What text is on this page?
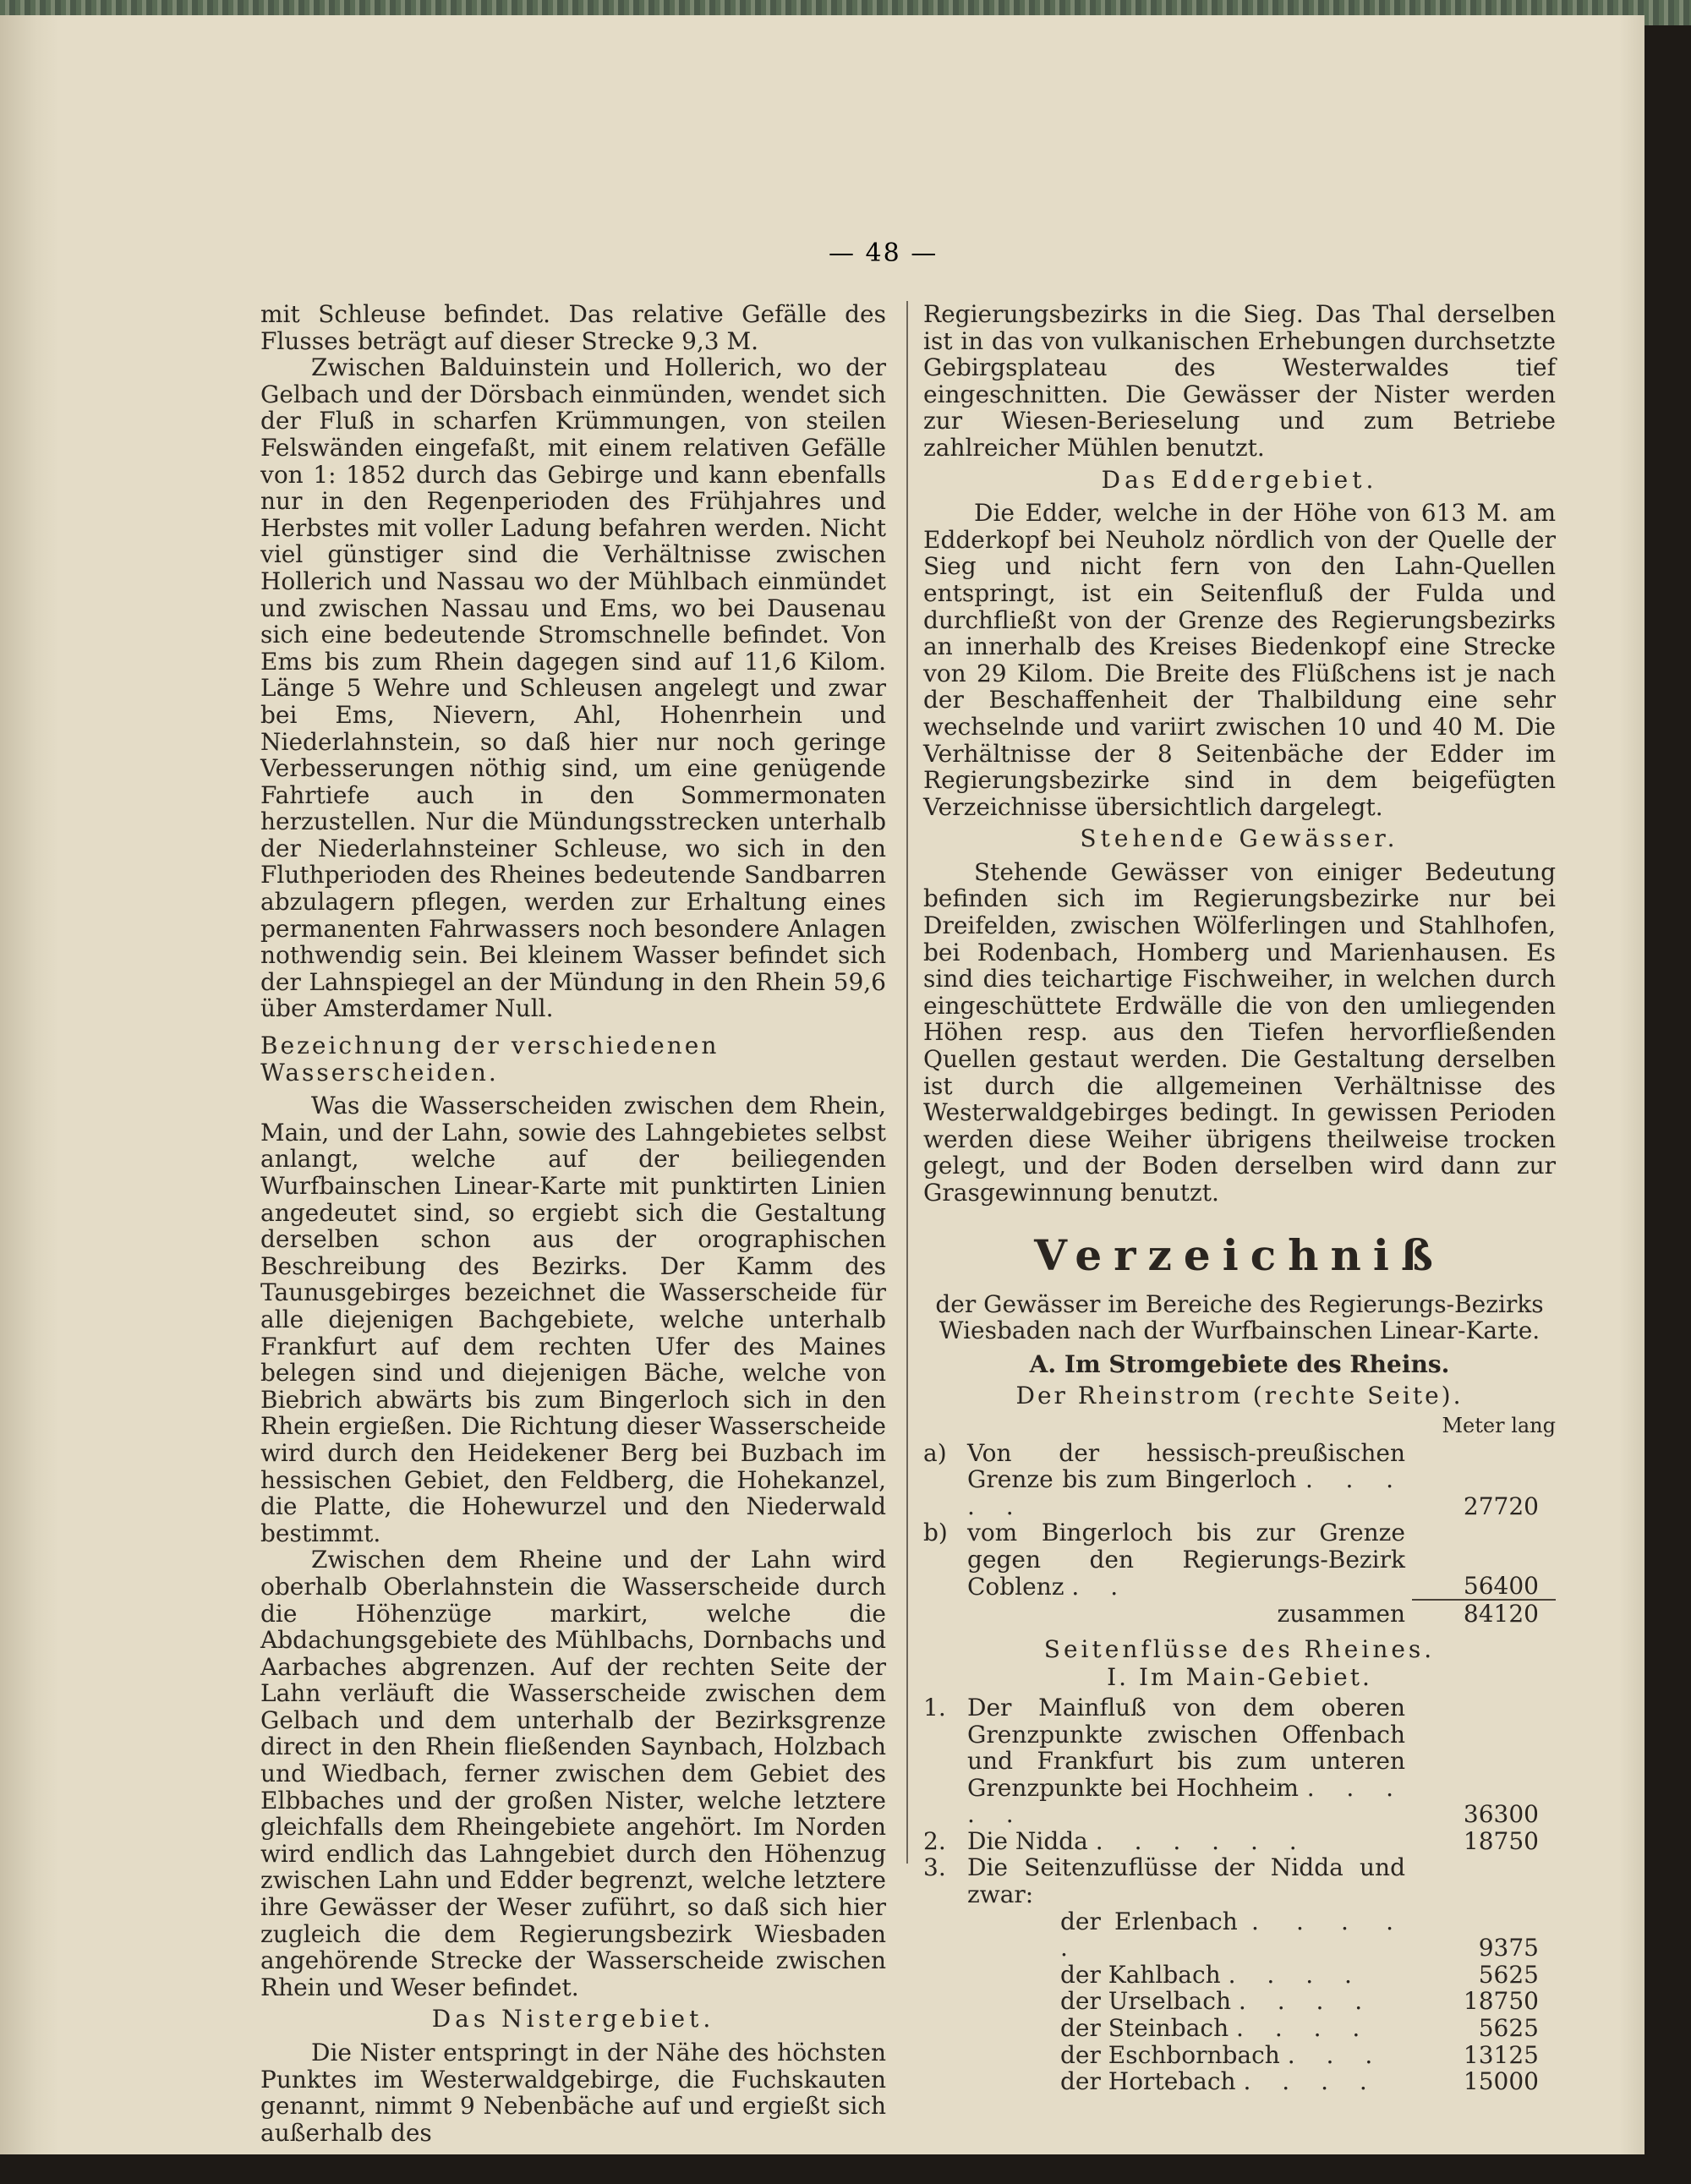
— 48 —

mit Schleuse befindet. Das relative Gefälle des Flusses beträgt auf dieser Strecke 9,3 M.

Zwischen Balduinstein und Hollerich, wo der Gelbach und der Dörsbach einmünden, wendet sich der Fluß in scharfen Krümmungen, von steilen Felswänden eingefaßt, mit einem relativen Gefälle von 1: 1852 durch das Gebirge und kann ebenfalls nur in den Regenperioden des Frühjahres und Herbstes mit voller Ladung befahren werden. Nicht viel günstiger sind die Verhältnisse zwischen Hollerich und Nassau wo der Mühlbach einmündet und zwischen Nassau und Ems, wo bei Dausenau sich eine bedeutende Stromschnelle befindet. Von Ems bis zum Rhein dagegen sind auf 11,6 Kilom. Länge 5 Wehre und Schleusen angelegt und zwar bei Ems, Nievern, Ahl, Hohenrhein und Niederlahnstein, so daß hier nur noch geringe Verbesserungen nöthig sind, um eine genügende Fahrtiefe auch in den Sommermonaten herzustellen. Nur die Mündungsstrecken unterhalb der Niederlahnsteiner Schleuse, wo sich in den Fluthperioden des Rheines bedeutende Sandbarren abzulagern pflegen, werden zur Erhaltung eines permanenten Fahrwassers noch besondere Anlagen nothwendig sein. Bei kleinem Wasser befindet sich der Lahnspiegel an der Mündung in den Rhein 59,6 über Amsterdamer Null.

Bezeichnung der verschiedenen Wasserscheiden.

Was die Wasserscheiden zwischen dem Rhein, Main, und der Lahn, sowie des Lahngebietes selbst anlangt, welche auf der beiliegenden Wurfbainschen Linear-Karte mit punktirten Linien angedeutet sind, so ergiebt sich die Gestaltung derselben schon aus der orographischen Beschreibung des Bezirks. Der Kamm des Taunusgebirges bezeichnet die Wasserscheide für alle diejenigen Bachgebiete, welche unterhalb Frankfurt auf dem rechten Ufer des Maines belegen sind und diejenigen Bäche, welche von Biebrich abwärts bis zum Bingerloch sich in den Rhein ergießen. Die Richtung dieser Wasserscheide wird durch den Heidekener Berg bei Buzbach im hessischen Gebiet, den Feldberg, die Hohekanzel, die Platte, die Hohewurzel und den Niederwald bestimmt.

Zwischen dem Rheine und der Lahn wird oberhalb Oberlahnstein die Wasserscheide durch die Höhenzüge markirt, welche die Abdachungsgebiete des Mühlbachs, Dornbachs und Aarbaches abgrenzen. Auf der rechten Seite der Lahn verläuft die Wasserscheide zwischen dem Gelbach und dem unterhalb der Bezirksgrenze direct in den Rhein fließenden Saynbach, Holzbach und Wiedbach, ferner zwischen dem Gebiet des Elbbaches und der großen Nister, welche letztere gleichfalls dem Rheingebiete angehört. Im Norden wird endlich das Lahngebiet durch den Höhenzug zwischen Lahn und Edder begrenzt, welche letztere ihre Gewässer der Weser zuführt, so daß sich hier zugleich die dem Regierungsbezirk Wiesbaden angehörende Strecke der Wasserscheide zwischen Rhein und Weser befindet.

Das Nistergebiet.

Die Nister entspringt in der Nähe des höchsten Punktes im Westerwaldgebirge, die Fuchskauten genannt, nimmt 9 Nebenbäche auf und ergießt sich außerhalb des

Regierungsbezirks in die Sieg. Das Thal derselben ist in das von vulkanischen Erhebungen durchsetzte Gebirgsplateau des Westerwaldes tief eingeschnitten. Die Gewässer der Nister werden zur Wiesen-Berieselung und zum Betriebe zahlreicher Mühlen benutzt.

Das Eddergebiet.

Die Edder, welche in der Höhe von 613 M. am Edderkopf bei Neuholz nördlich von der Quelle der Sieg und nicht fern von den Lahn-Quellen entspringt, ist ein Seitenfluß der Fulda und durchfließt von der Grenze des Regierungsbezirks an innerhalb des Kreises Biedenkopf eine Strecke von 29 Kilom. Die Breite des Flüßchens ist je nach der Beschaffenheit der Thalbildung eine sehr wechselnde und variirt zwischen 10 und 40 M. Die Verhältnisse der 8 Seitenbäche der Edder im Regierungsbezirke sind in dem beigefügten Verzeichnisse übersichtlich dargelegt.

Stehende Gewässer.

Stehende Gewässer von einiger Bedeutung befinden sich im Regierungsbezirke nur bei Dreifelden, zwischen Wölferlingen und Stahlhofen, bei Rodenbach, Homberg und Marienhausen. Es sind dies teichartige Fischweiher, in welchen durch eingeschüttete Erdwälle die von den umliegenden Höhen resp. aus den Tiefen hervorfließenden Quellen gestaut werden. Die Gestaltung derselben ist durch die allgemeinen Verhältnisse des Westerwaldgebirges bedingt. In gewissen Perioden werden diese Weiher übrigens theilweise trocken gelegt, und der Boden derselben wird dann zur Grasgewinnung benutzt.

Verzeichniß
der Gewässer im Bereiche des Regierungs-Bezirks Wiesbaden nach der Wurfbainschen Linear-Karte.
A. Im Stromgebiete des Rheins.
Der Rheinstrom (rechte Seite).
Meter lang
a)	Von der hessisch-preußischen Grenze bis zum Bingerloch . . . . .	27720
b)	vom Bingerloch bis zur Grenze gegen den Regierungs-Bezirk Coblenz . .	56400
	zusammen	84120
Seitenflüsse des Rheines.
I. Im Main-Gebiet.
1.	Der Mainfluß von dem oberen Grenzpunkte zwischen Offenbach und Frankfurt bis zum unteren Grenzpunkte bei Hochheim . . . . .	36300
2.	Die Nidda . . . . . .	18750
3.	Die Seitenzuflüsse der Nidda und zwar:	
	der Erlenbach . . . . .	9375
	der Kahlbach . . . .	5625
	der Urselbach . . . .	18750
	der Steinbach . . . .	5625
	der Eschbornbach . . .	13125
	der Hortebach . . . .	15000
